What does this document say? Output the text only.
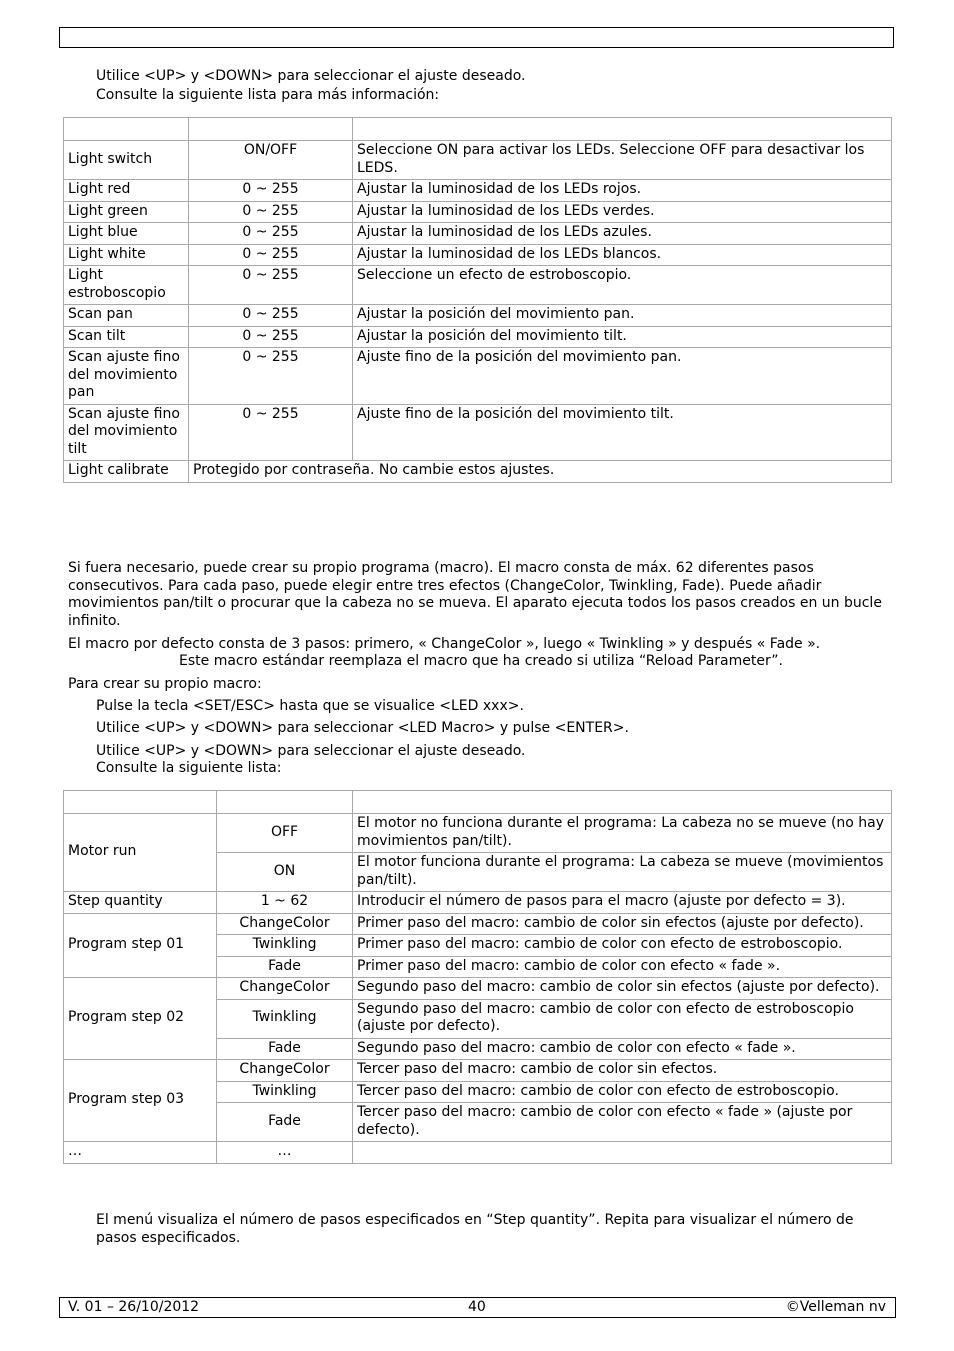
Utilice <UP> y <DOWN> para seleccionar el ajuste deseado.
Consulte la siguiente lista para más información:

Light switch	ON/OFF	Seleccione ON para activar los LEDs. Seleccione OFF para desactivar los LEDS.
Light red	0 ~ 255	Ajustar la luminosidad de los LEDs rojos.
Light green	0 ~ 255	Ajustar la luminosidad de los LEDs verdes.
Light blue	0 ~ 255	Ajustar la luminosidad de los LEDs azules.
Light white	0 ~ 255	Ajustar la luminosidad de los LEDs blancos.
Light estroboscopio	0 ~ 255	Seleccione un efecto de estroboscopio.
Scan pan	0 ~ 255	Ajustar la posición del movimiento pan.
Scan tilt	0 ~ 255	Ajustar la posición del movimiento tilt.
Scan ajuste fino del movimiento pan	0 ~ 255	Ajuste fino de la posición del movimiento pan.
Scan ajuste fino del movimiento tilt	0 ~ 255	Ajuste fino de la posición del movimiento tilt.
Light calibrate	Protegido por contraseña. No cambie estos ajustes.	
Si fuera necesario, puede crear su propio programa (macro). El macro consta de máx. 62 diferentes pasos consecutivos. Para cada paso, puede elegir entre tres efectos (ChangeColor, Twinkling, Fade). Puede añadir movimientos pan/tilt o procurar que la cabeza no se mueva. El aparato ejecuta todos los pasos creados en un bucle infinito.
El macro por defecto consta de 3 pasos: primero, « ChangeColor », luego « Twinkling » y después « Fade ».
Este macro estándar reemplaza el macro que ha creado si utiliza “Reload Parameter”.
Para crear su propio macro:
Pulse la tecla <SET/ESC> hasta que se visualice <LED xxx>.
Utilice <UP> y <DOWN> para seleccionar <LED Macro> y pulse <ENTER>.
Utilice <UP> y <DOWN> para seleccionar el ajuste deseado.
Consulte la siguiente lista:

Motor run	OFF	El motor no funciona durante el programa: La cabeza no se mueve (no hay movimientos pan/tilt).
	ON	El motor funciona durante el programa: La cabeza se mueve (movimientos pan/tilt).
Step quantity	1 ~ 62	Introducir el número de pasos para el macro (ajuste por defecto = 3).
Program step 01	ChangeColor	Primer paso del macro: cambio de color sin efectos (ajuste por defecto).
	Twinkling	Primer paso del macro: cambio de color con efecto de estroboscopio.
	Fade	Primer paso del macro: cambio de color con efecto « fade ».
Program step 02	ChangeColor	Segundo paso del macro: cambio de color sin efectos (ajuste por defecto).
	Twinkling	Segundo paso del macro: cambio de color con efecto de estroboscopio (ajuste por defecto).
	Fade	Segundo paso del macro: cambio de color con efecto « fade ».
Program step 03	ChangeColor	Tercer paso del macro: cambio de color sin efectos.
	Twinkling	Tercer paso del macro: cambio de color con efecto de estroboscopio.
	Fade	Tercer paso del macro: cambio de color con efecto « fade » (ajuste por defecto).
…	…	
El menú visualiza el número de pasos especificados en “Step quantity”. Repita para visualizar el número de pasos especificados.
V. 01 – 26/10/2012	40	©Velleman nv
